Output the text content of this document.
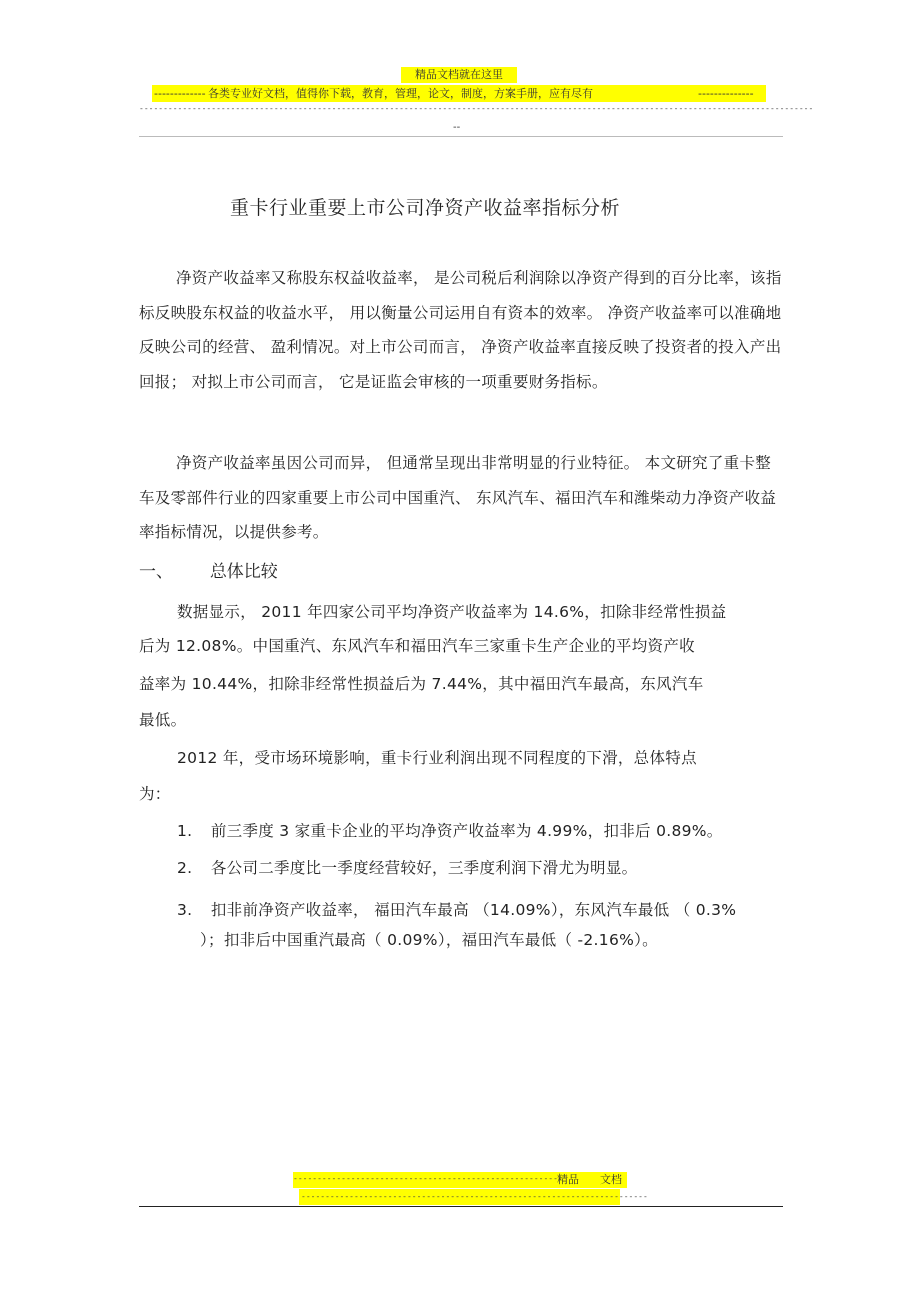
精品文档就在这里
------------- 各类专业好文档，值得你下载，教育，管理，论文，制度，方案手册，应有尽有	--------------
--------------------------------------------------------------------------------------------------------------------------------------------
--
重卡行业重要上市公司净资产收益率指标分析
净资产收益率又称股东权益收益率， 是公司税后利润除以净资产得到的百分比率，该指标反映股东权益的收益水平， 用以衡量公司运用自有资本的效率。 净资产收益率可以准确地反映公司的经营、 盈利情况。对上市公司而言， 净资产收益率直接反映了投资者的投入产出回报； 对拟上市公司而言， 它是证监会审核的一项重要财务指标。
净资产收益率虽因公司而异， 但通常呈现出非常明显的行业特征。 本文研究了重卡整车及零部件行业的四家重要上市公司中国重汽、 东风汽车、福田汽车和潍柴动力净资产收益率指标情况，以提供参考。
一、 总体比较
数据显示， 2011 年四家公司平均净资产收益率为 14.6%，扣除非经常性损益
后为 12.08%。中国重汽、东风汽车和福田汽车三家重卡生产企业的平均资产收
益率为 10.44%，扣除非经常性损益后为 7.44%，其中福田汽车最高，东风汽车
最低。
2012 年，受市场环境影响，重卡行业利润出现不同程度的下滑，总体特点
为：
1. 前三季度 3 家重卡企业的平均净资产收益率为 4.99%，扣非后 0.89%。
2. 各公司二季度比一季度经营较好，三季度利润下滑尤为明显。
3. 扣非前净资产收益率， 福田汽车最高 （14.09%），东风汽车最低 （ 0.3%
）；扣非后中国重汽最高（ 0.09%），福田汽车最低（ -2.16%）。
--------------------------------------------------------
精品 文档
------------------------------------------------------------------------
